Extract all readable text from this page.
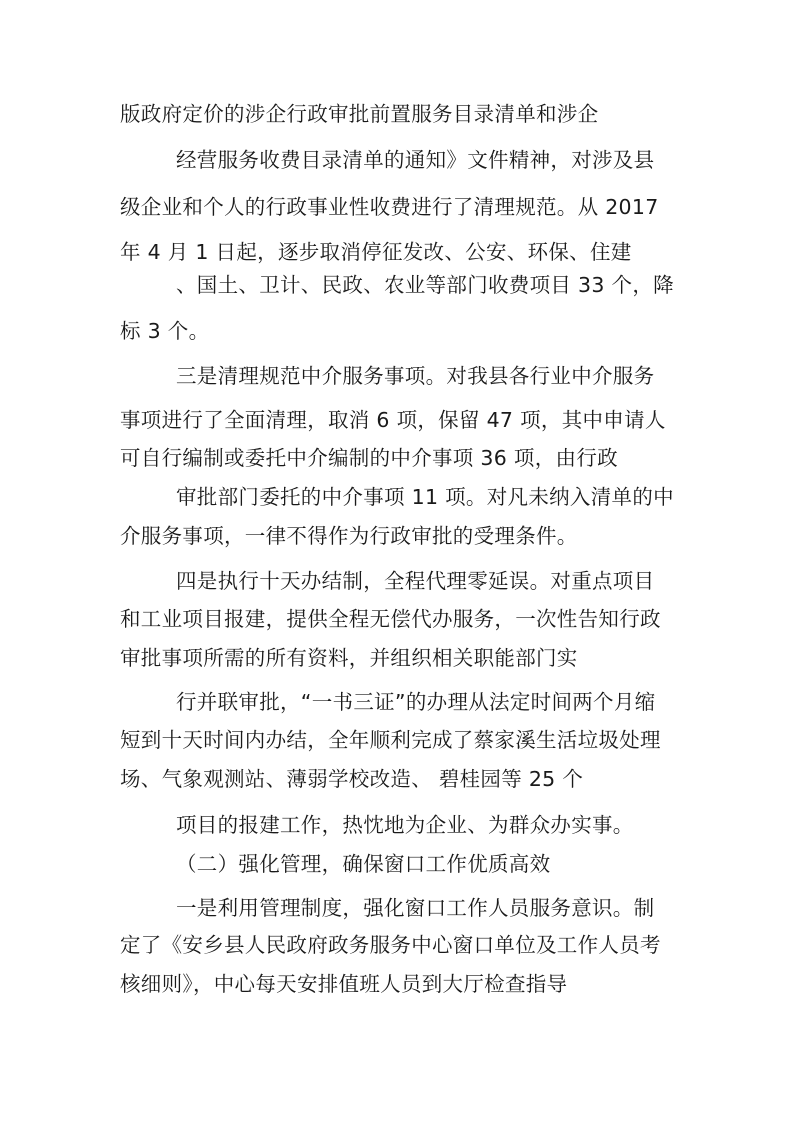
版政府定价的涉企行政审批前置服务目录清单和涉企
经营服务收费目录清单的通知》文件精神，对涉及县
级企业和个人的行政事业性收费进行了清理规范。从 2017
年 4 月 1 日起，逐步取消停征发改、公安、环保、住建
、国土、卫计、民政、农业等部门收费项目 33 个，降
标 3 个。
三是清理规范中介服务事项。对我县各行业中介服务
事项进行了全面清理，取消 6 项，保留 47 项，其中申请人
可自行编制或委托中介编制的中介事项 36 项，由行政
审批部门委托的中介事项 11 项。对凡未纳入清单的中
介服务事项，一律不得作为行政审批的受理条件。
四是执行十天办结制，全程代理零延误。对重点项目
和工业项目报建，提供全程无偿代办服务，一次性告知行政
审批事项所需的所有资料，并组织相关职能部门实
行并联审批，“一书三证”的办理从法定时间两个月缩
短到十天时间内办结，全年顺利完成了蔡家溪生活垃圾处理
场、气象观测站、薄弱学校改造、 碧桂园等 25 个
项目的报建工作，热忱地为企业、为群众办实事。
（二）强化管理，确保窗口工作优质高效
一是利用管理制度，强化窗口工作人员服务意识。制
定了《安乡县人民政府政务服务中心窗口单位及工作人员考
核细则》，中心每天安排值班人员到大厅检查指导
